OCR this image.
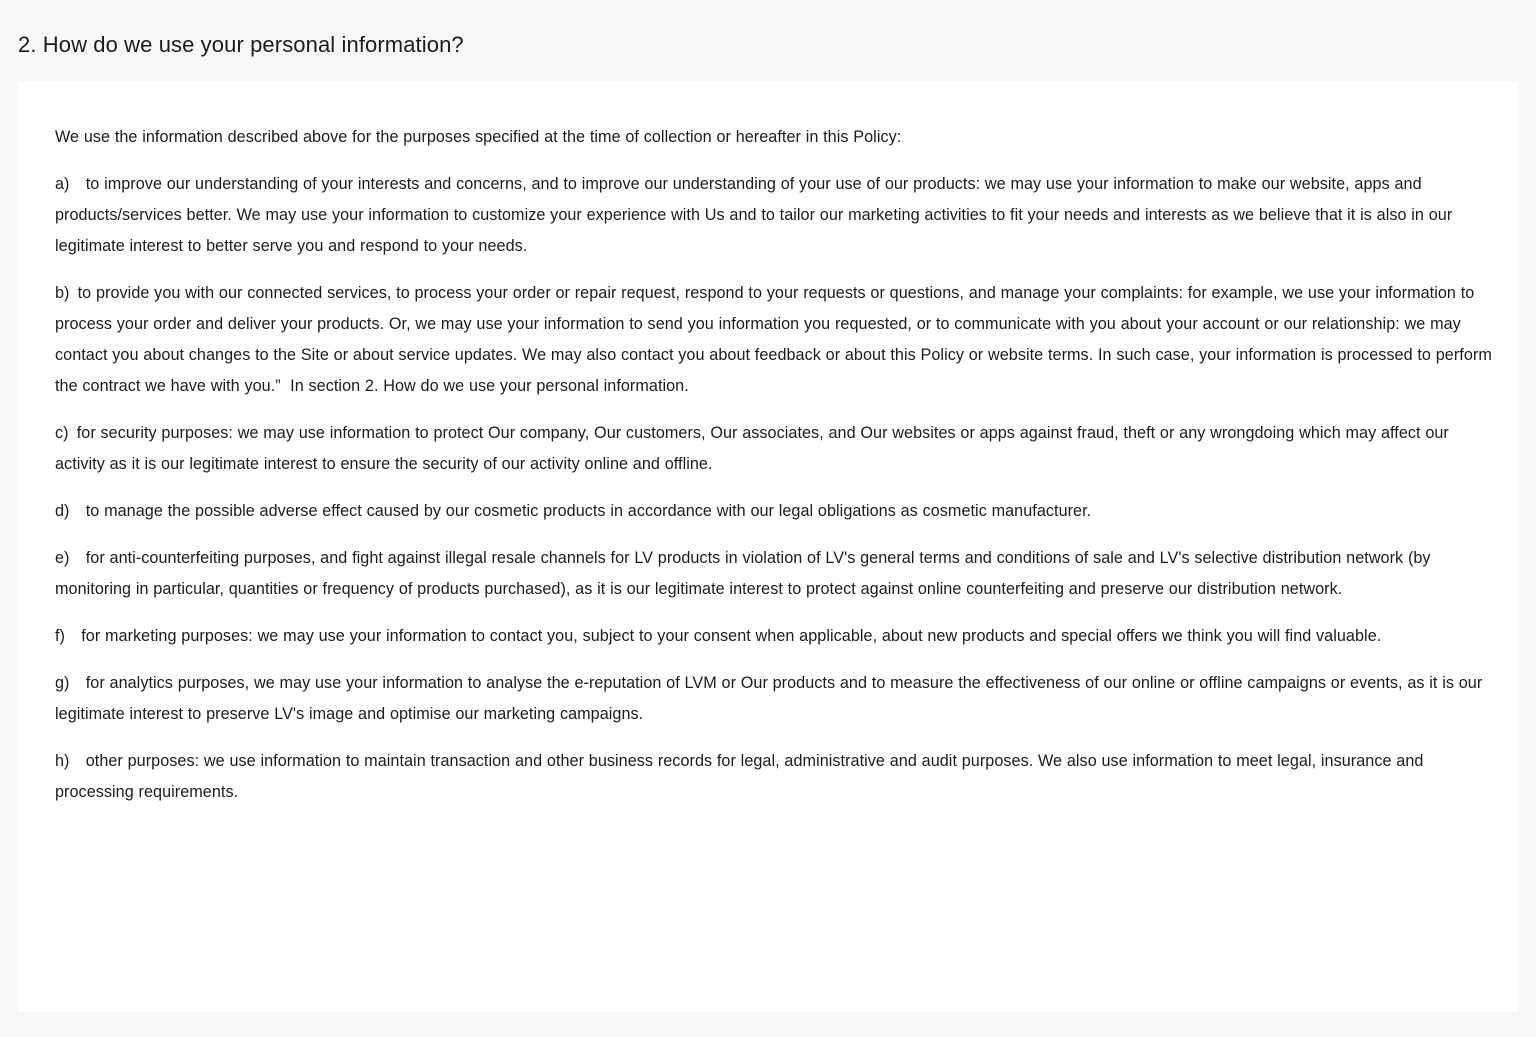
2. How do we use your personal information?

We use the information described above for the purposes specified at the time of collection or hereafter in this Policy:

a) to improve our understanding of your interests and concerns, and to improve our understanding of your use of our products: we may use your information to make our website, apps and products/services better. We may use your information to customize your experience with Us and to tailor our marketing activities to fit your needs and interests as we believe that it is also in our legitimate interest to better serve you and respond to your needs.

b) to provide you with our connected services, to process your order or repair request, respond to your requests or questions, and manage your complaints: for example, we use your information to process your order and deliver your products. Or, we may use your information to send you information you requested, or to communicate with you about your account or our relationship: we may contact you about changes to the Site or about service updates. We may also contact you about feedback or about this Policy or website terms. In such case, your information is processed to perform the contract we have with you.”  In section 2. How do we use your personal information.

c) for security purposes: we may use information to protect Our company, Our customers, Our associates, and Our websites or apps against fraud, theft or any wrongdoing which may affect our activity as it is our legitimate interest to ensure the security of our activity online and offline.

d) to manage the possible adverse effect caused by our cosmetic products in accordance with our legal obligations as cosmetic manufacturer.

e) for anti-counterfeiting purposes, and fight against illegal resale channels for LV products in violation of LV's general terms and conditions of sale and LV's selective distribution network (by monitoring in particular, quantities or frequency of products purchased), as it is our legitimate interest to protect against online counterfeiting and preserve our distribution network.

f) for marketing purposes: we may use your information to contact you, subject to your consent when applicable, about new products and special offers we think you will find valuable.

g) for analytics purposes, we may use your information to analyse the e-reputation of LVM or Our products and to measure the effectiveness of our online or offline campaigns or events, as it is our legitimate interest to preserve LV's image and optimise our marketing campaigns.

h) other purposes: we use information to maintain transaction and other business records for legal, administrative and audit purposes. We also use information to meet legal, insurance and processing requirements.
